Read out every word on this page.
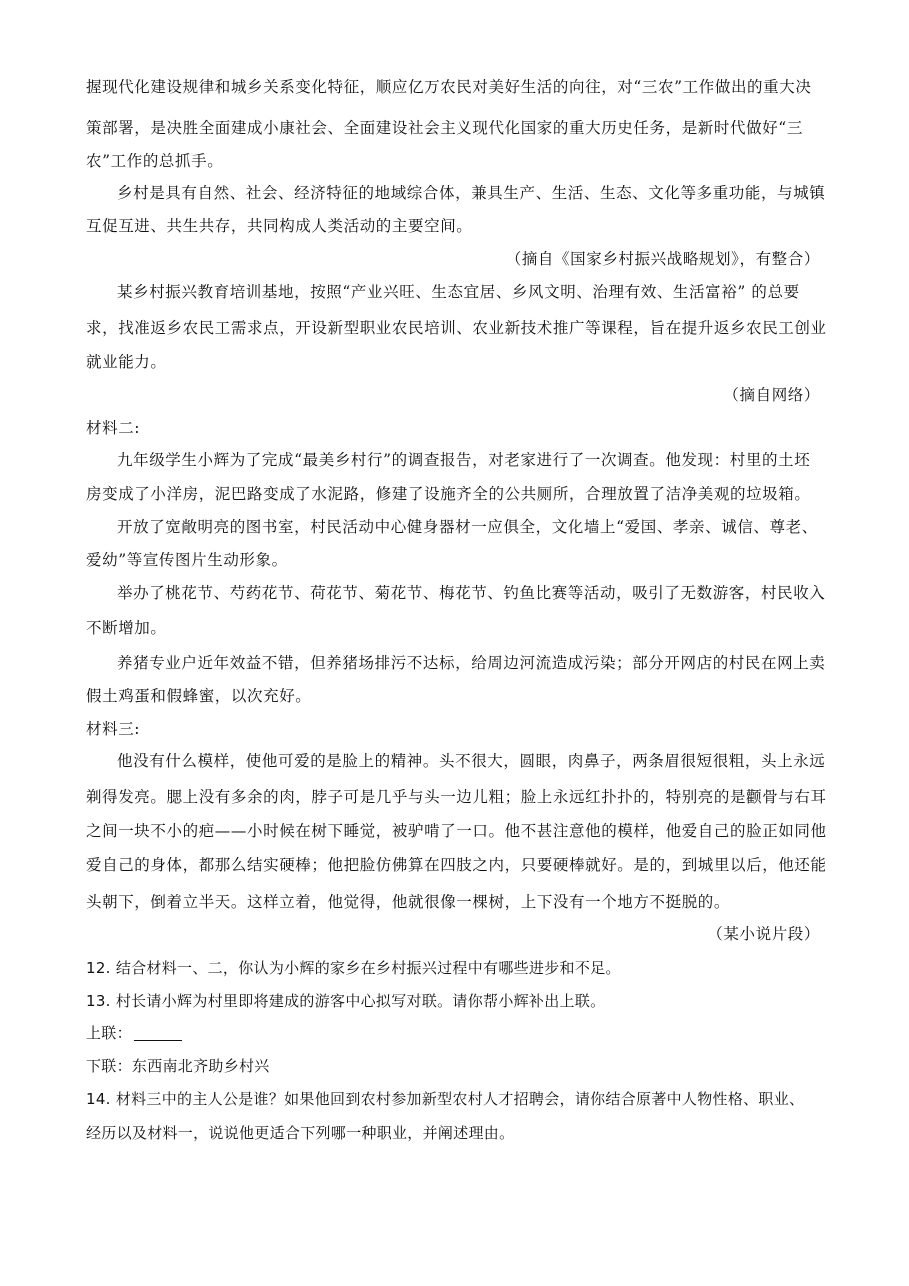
握现代化建设规律和城乡关系变化特征，顺应亿万农民对美好生活的向往，对“三农”工作做出的重大决
策部署，是决胜全面建成小康社会、全面建设社会主义现代化国家的重大历史任务，是新时代做好“三
农”工作的总抓手。
乡村是具有自然、社会、经济特征的地域综合体，兼具生产、生活、生态、文化等多重功能，与城镇
互促互进、共生共存，共同构成人类活动的主要空间。
（摘自《国家乡村振兴战略规划》，有整合）
某乡村振兴教育培训基地，按照“产业兴旺、生态宜居、乡风文明、治理有效、生活富裕” 的总要
求，找准返乡农民工需求点，开设新型职业农民培训、农业新技术推广等课程，旨在提升返乡农民工创业
就业能力。
（摘自网络）
材料二:
九年级学生小辉为了完成“最美乡村行”的调查报告，对老家进行了一次调查。他发现：村里的土坯
房变成了小洋房，泥巴路变成了水泥路，修建了设施齐全的公共厕所，合理放置了洁净美观的垃圾箱。
开放了宽敞明亮的图书室，村民活动中心健身器材一应俱全，文化墙上“爱国、孝亲、诚信、尊老、
爱幼”等宣传图片生动形象。
举办了桃花节、芍药花节、荷花节、菊花节、梅花节、钓鱼比赛等活动，吸引了无数游客，村民收入
不断增加。
养猪专业户近年效益不错，但养猪场排污不达标，给周边河流造成污染；部分开网店的村民在网上卖
假土鸡蛋和假蜂蜜，以次充好。
材料三:
他没有什么模样，使他可爱的是脸上的精神。头不很大，圆眼，肉鼻子，两条眉很短很粗，头上永远
剃得发亮。腮上没有多余的肉，脖子可是几乎与头一边儿粗；脸上永远红扑扑的，特别亮的是颧骨与右耳
之间一块不小的疤——小时候在树下睡觉，被驴啃了一口。他不甚注意他的模样，他爱自己的脸正如同他
爱自己的身体，都那么结实硬棒；他把脸仿佛算在四肢之内，只要硬棒就好。是的，到城里以后，他还能
头朝下，倒着立半天。这样立着，他觉得，他就很像一棵树，上下没有一个地方不挺脱的。
（某小说片段）
12. 结合材料一、二，你认为小辉的家乡在乡村振兴过程中有哪些进步和不足。
13. 村长请小辉为村里即将建成的游客中心拟写对联。请你帮小辉补出上联。
上联：
下联：东西南北齐助乡村兴
14. 材料三中的主人公是谁？如果他回到农村参加新型农村人才招聘会，请你结合原著中人物性格、职业、
经历以及材料一，说说他更适合下列哪一种职业，并阐述理由。
